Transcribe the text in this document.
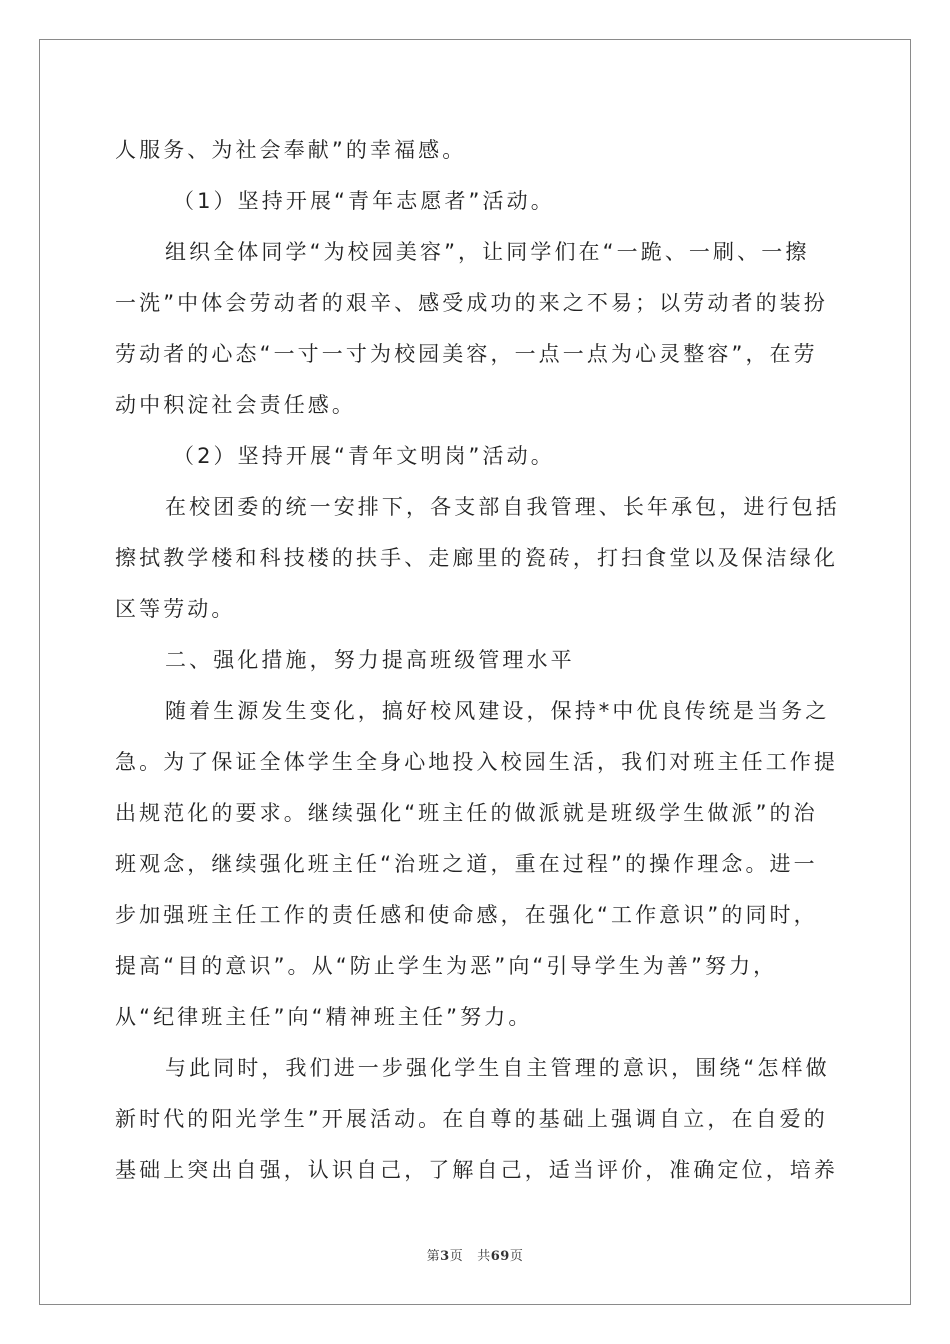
人服务、为社会奉献”的幸福感。
（1）坚持开展“青年志愿者”活动。
组织全体同学“为校园美容”，让同学们在“一跪、一刷、一擦
一洗”中体会劳动者的艰辛、感受成功的来之不易；以劳动者的装扮
劳动者的心态“一寸一寸为校园美容，一点一点为心灵整容”，在劳
动中积淀社会责任感。
（2）坚持开展“青年文明岗”活动。
在校团委的统一安排下，各支部自我管理、长年承包，进行包括
擦拭教学楼和科技楼的扶手、走廊里的瓷砖，打扫食堂以及保洁绿化
区等劳动。
二、强化措施，努力提高班级管理水平
随着生源发生变化，搞好校风建设，保持*中优良传统是当务之
急。为了保证全体学生全身心地投入校园生活，我们对班主任工作提
出规范化的要求。继续强化“班主任的做派就是班级学生做派”的治
班观念，继续强化班主任“治班之道，重在过程”的操作理念。进一
步加强班主任工作的责任感和使命感，在强化“工作意识”的同时，
提高“目的意识”。从“防止学生为恶”向“引导学生为善”努力，
从“纪律班主任”向“精神班主任”努力。
与此同时，我们进一步强化学生自主管理的意识，围绕“怎样做
新时代的阳光学生”开展活动。在自尊的基础上强调自立，在自爱的
基础上突出自强，认识自己，了解自己，适当评价，准确定位，培养
第3页 共69页
